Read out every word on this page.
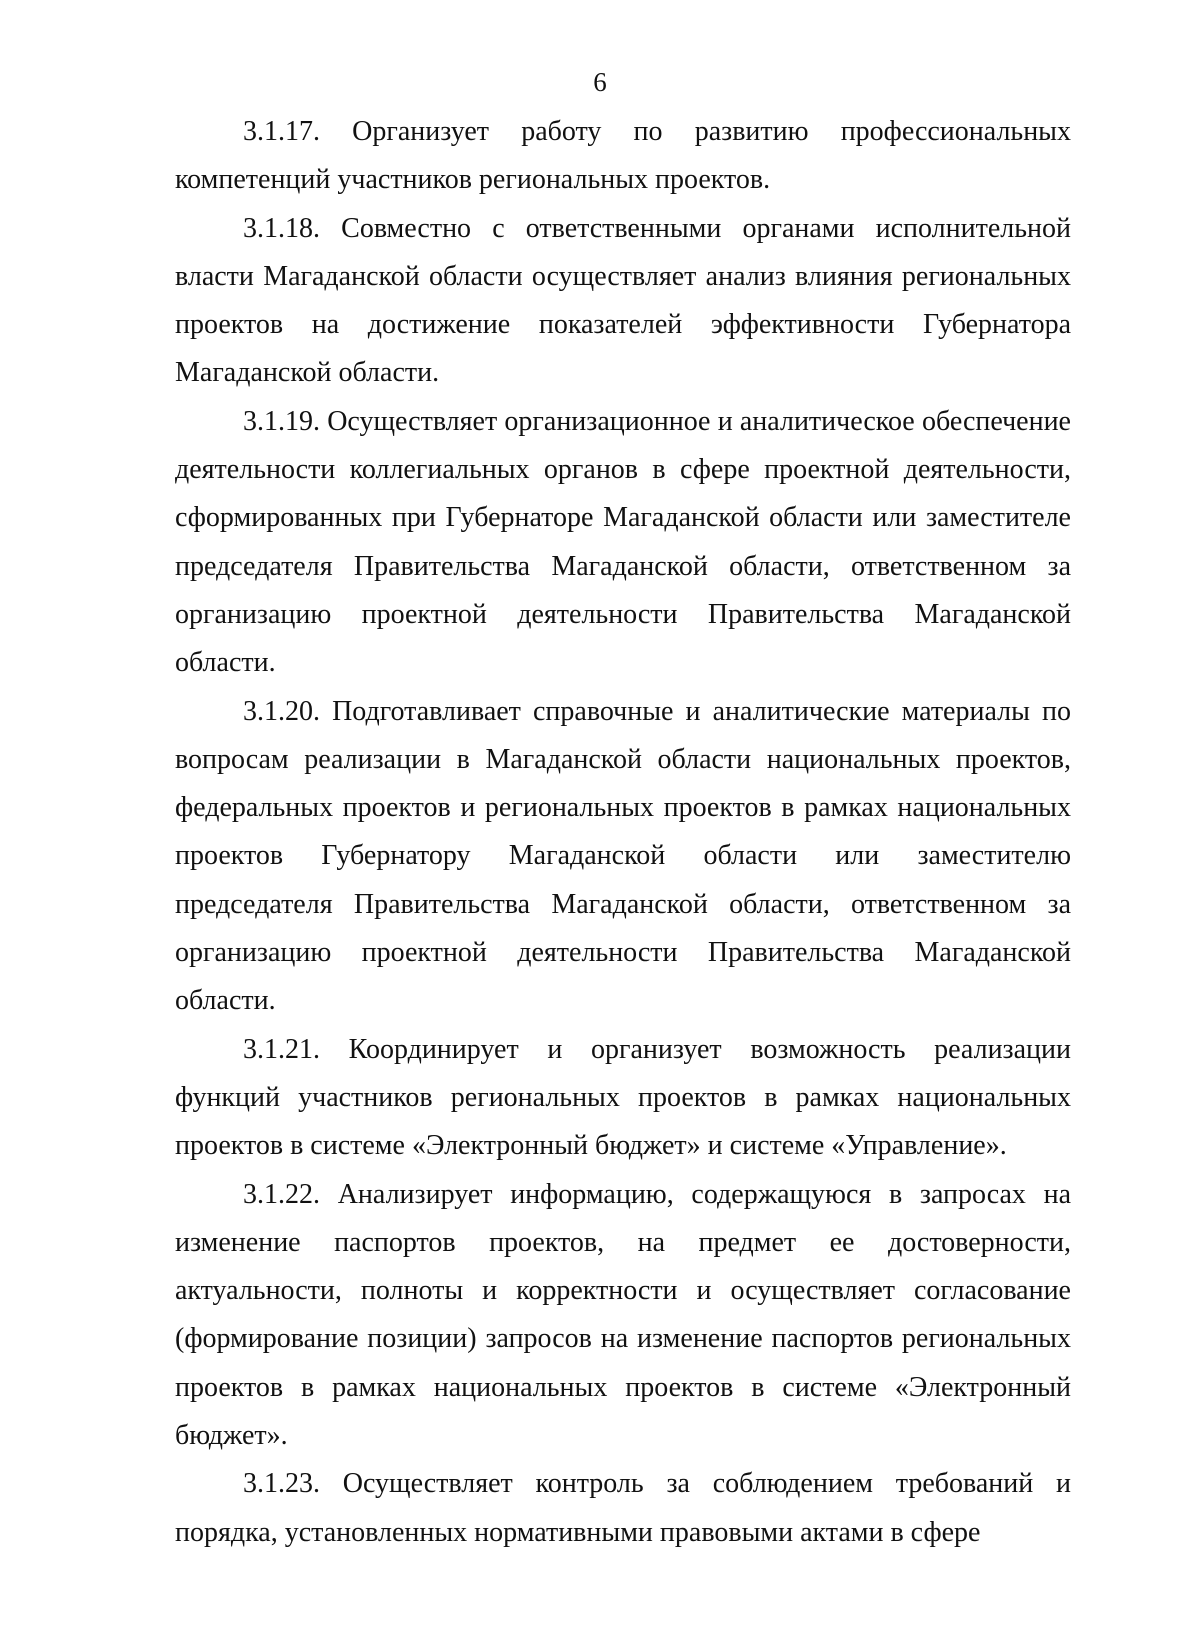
6

3.1.17. Организует работу по развитию профессиональных компетенций участников региональных проектов.

3.1.18. Совместно с ответственными органами исполнительной власти Магаданской области осуществляет анализ влияния региональных проектов на достижение показателей эффективности Губернатора Магаданской области.

3.1.19. Осуществляет организационное и аналитическое обеспечение деятельности коллегиальных органов в сфере проектной деятельности, сформированных при Губернаторе Магаданской области или заместителе председателя Правительства Магаданской области, ответственном за организацию проектной деятельности Правительства Магаданской области.

3.1.20. Подготавливает справочные и аналитические материалы по вопросам реализации в Магаданской области национальных проектов, федеральных проектов и региональных проектов в рамках национальных проектов Губернатору Магаданской области или заместителю председателя Правительства Магаданской области, ответственном за организацию проектной деятельности Правительства Магаданской области.

3.1.21. Координирует и организует возможность реализации функций участников региональных проектов в рамках национальных проектов в системе «Электронный бюджет» и системе «Управление».

3.1.22. Анализирует информацию, содержащуюся в запросах на изменение паспортов проектов, на предмет ее достоверности, актуальности, полноты и корректности и осуществляет согласование (формирование позиции) запросов на изменение паспортов региональных проектов в рамках национальных проектов в системе «Электронный бюджет».

3.1.23. Осуществляет контроль за соблюдением требований и порядка, установленных нормативными правовыми актами в сфере
